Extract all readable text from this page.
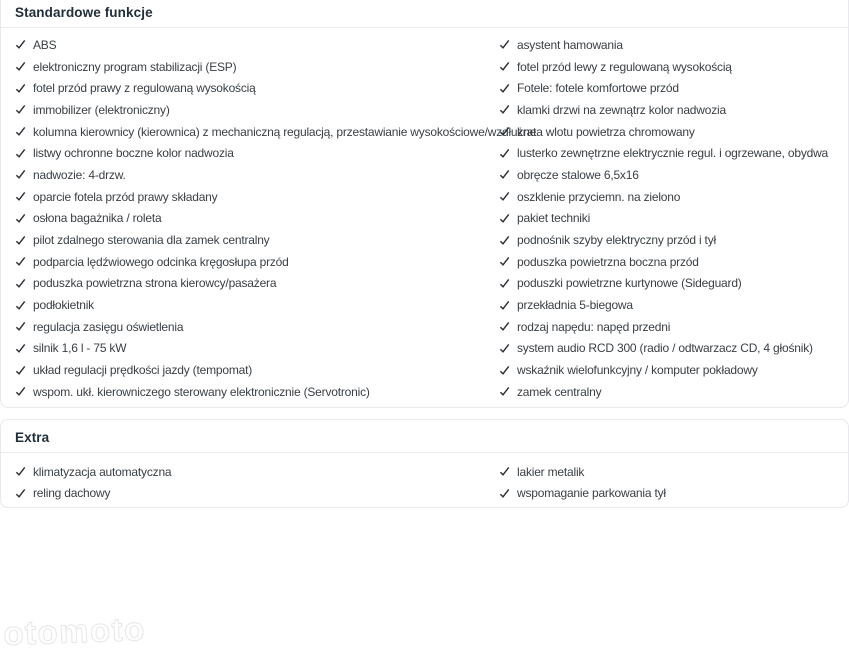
Standardowe funkcje
ABS
elektroniczny program stabilizacji (ESP)
fotel przód prawy z regulowaną wysokością
immobilizer (elektroniczny)
kolumna kierownicy (kierownica) z mechaniczną regulacją, przestawianie wysokościowe/wzdłużne
listwy ochronne boczne kolor nadwozia
nadwozie: 4-drzw.
oparcie fotela przód prawy składany
osłona bagażnika / roleta
pilot zdalnego sterowania dla zamek centralny
podparcia lędźwiowego odcinka kręgosłupa przód
poduszka powietrzna strona kierowcy/pasażera
podłokietnik
regulacja zasięgu oświetlenia
silnik 1,6 l - 75 kW
układ regulacji prędkości jazdy (tempomat)
wspom. ukł. kierowniczego sterowany elektronicznie (Servotronic)
asystent hamowania
fotel przód lewy z regulowaną wysokością
Fotele: fotele komfortowe przód
klamki drzwi na zewnątrz kolor nadwozia
krata wlotu powietrza chromowany
lusterko zewnętrzne elektrycznie regul. i ogrzewane, obydwa
obręcze stalowe 6,5x16
oszklenie przyciemn. na zielono
pakiet techniki
podnośnik szyby elektryczny przód i tył
poduszka powietrzna boczna przód
poduszki powietrzne kurtynowe (Sideguard)
przekładnia 5-biegowa
rodzaj napędu: napęd przedni
system audio RCD 300 (radio / odtwarzacz CD, 4 głośnik)
wskaźnik wielofunkcyjny / komputer pokładowy
zamek centralny
Extra
klimatyzacja automatyczna
reling dachowy
lakier metalik
wspomaganie parkowania tył
otomoto
